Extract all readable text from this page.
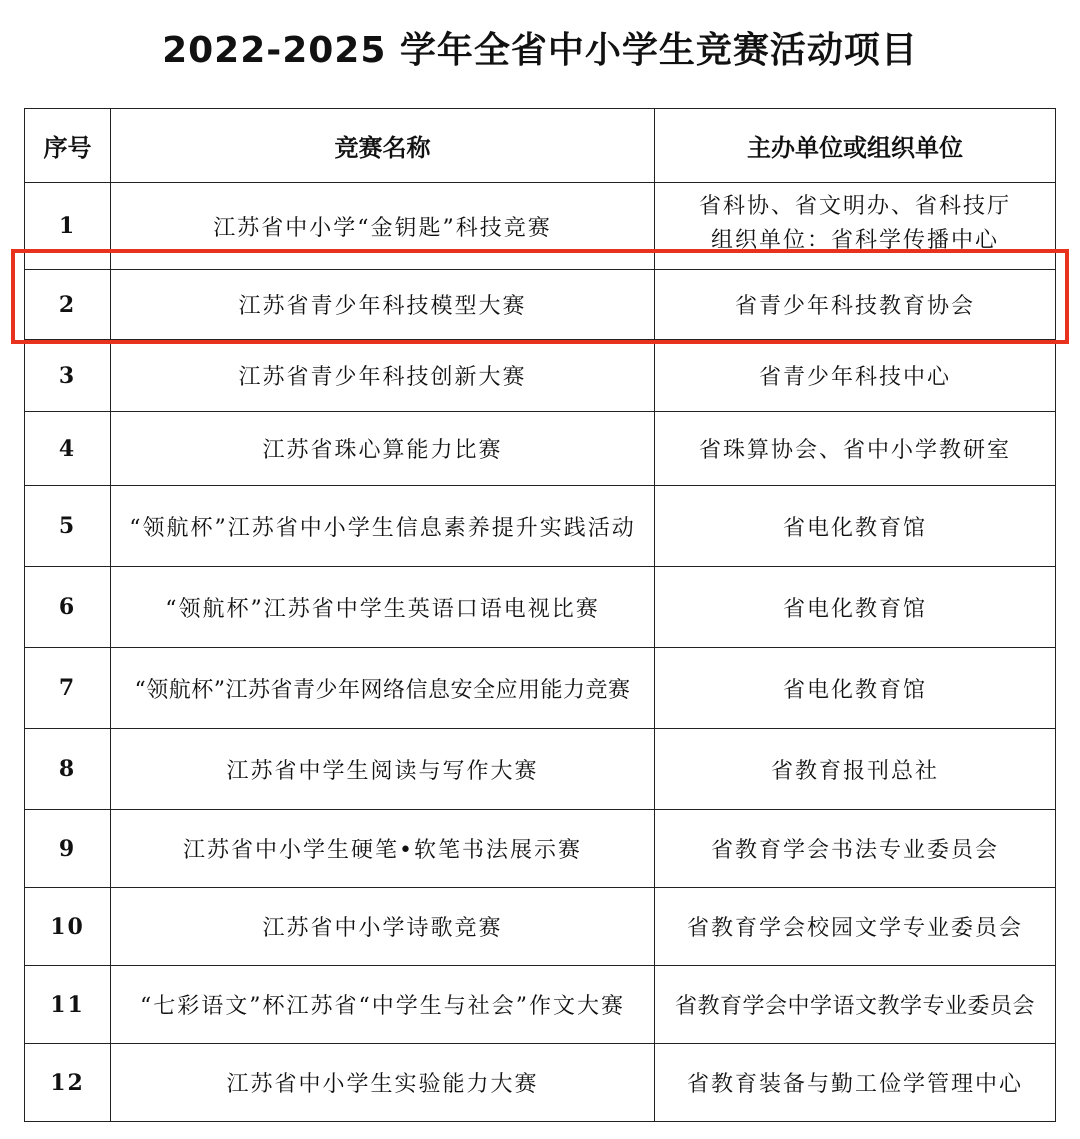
2022-2025 学年全省中小学生竞赛活动项目
序号	竞赛名称	主办单位或组织单位
1	江苏省中小学“金钥匙”科技竞赛	省科协、省文明办、省科技厅
组织单位：省科学传播中心

2	江苏省青少年科技模型大赛	省青少年科技教育协会
3	江苏省青少年科技创新大赛	省青少年科技中心
4	江苏省珠心算能力比赛	省珠算协会、省中小学教研室
5	“领航杯”江苏省中小学生信息素养提升实践活动	省电化教育馆
6	“领航杯”江苏省中学生英语口语电视比赛	省电化教育馆
7	“领航杯”江苏省青少年网络信息安全应用能力竞赛	省电化教育馆
8	江苏省中学生阅读与写作大赛	省教育报刊总社
9	江苏省中小学生硬笔•软笔书法展示赛	省教育学会书法专业委员会
10	江苏省中小学诗歌竞赛	省教育学会校园文学专业委员会
11	“七彩语文”杯江苏省“中学生与社会”作文大赛	省教育学会中学语文教学专业委员会
12	江苏省中小学生实验能力大赛	省教育装备与勤工俭学管理中心
